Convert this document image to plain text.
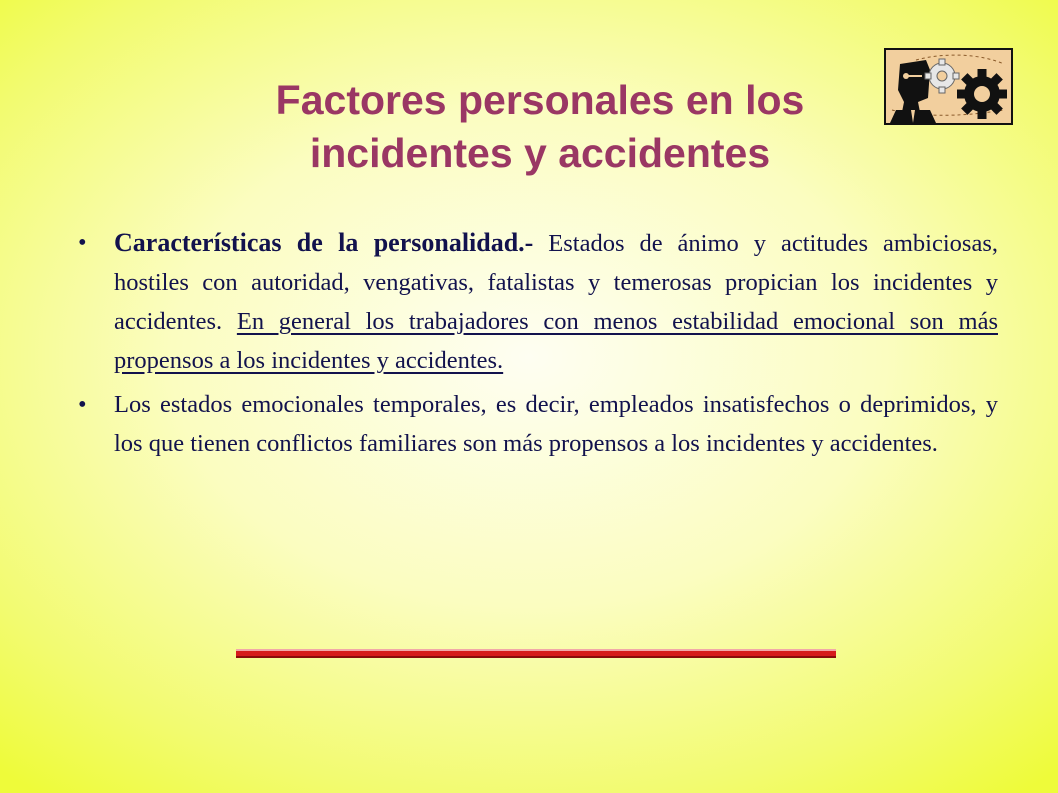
Factores personales en los
incidentes y accidentes
• Características de la personalidad.- Estados de ánimo y actitudes ambiciosas, hostiles con autoridad, vengativas, fatalistas y temerosas propician los incidentes y accidentes. En general los trabajadores con menos estabilidad emocional son más propensos a los incidentes y accidentes.
• Los estados emocionales temporales, es decir, empleados insatisfechos o deprimidos, y los que tienen conflictos familiares son más propensos a los incidentes y accidentes.
